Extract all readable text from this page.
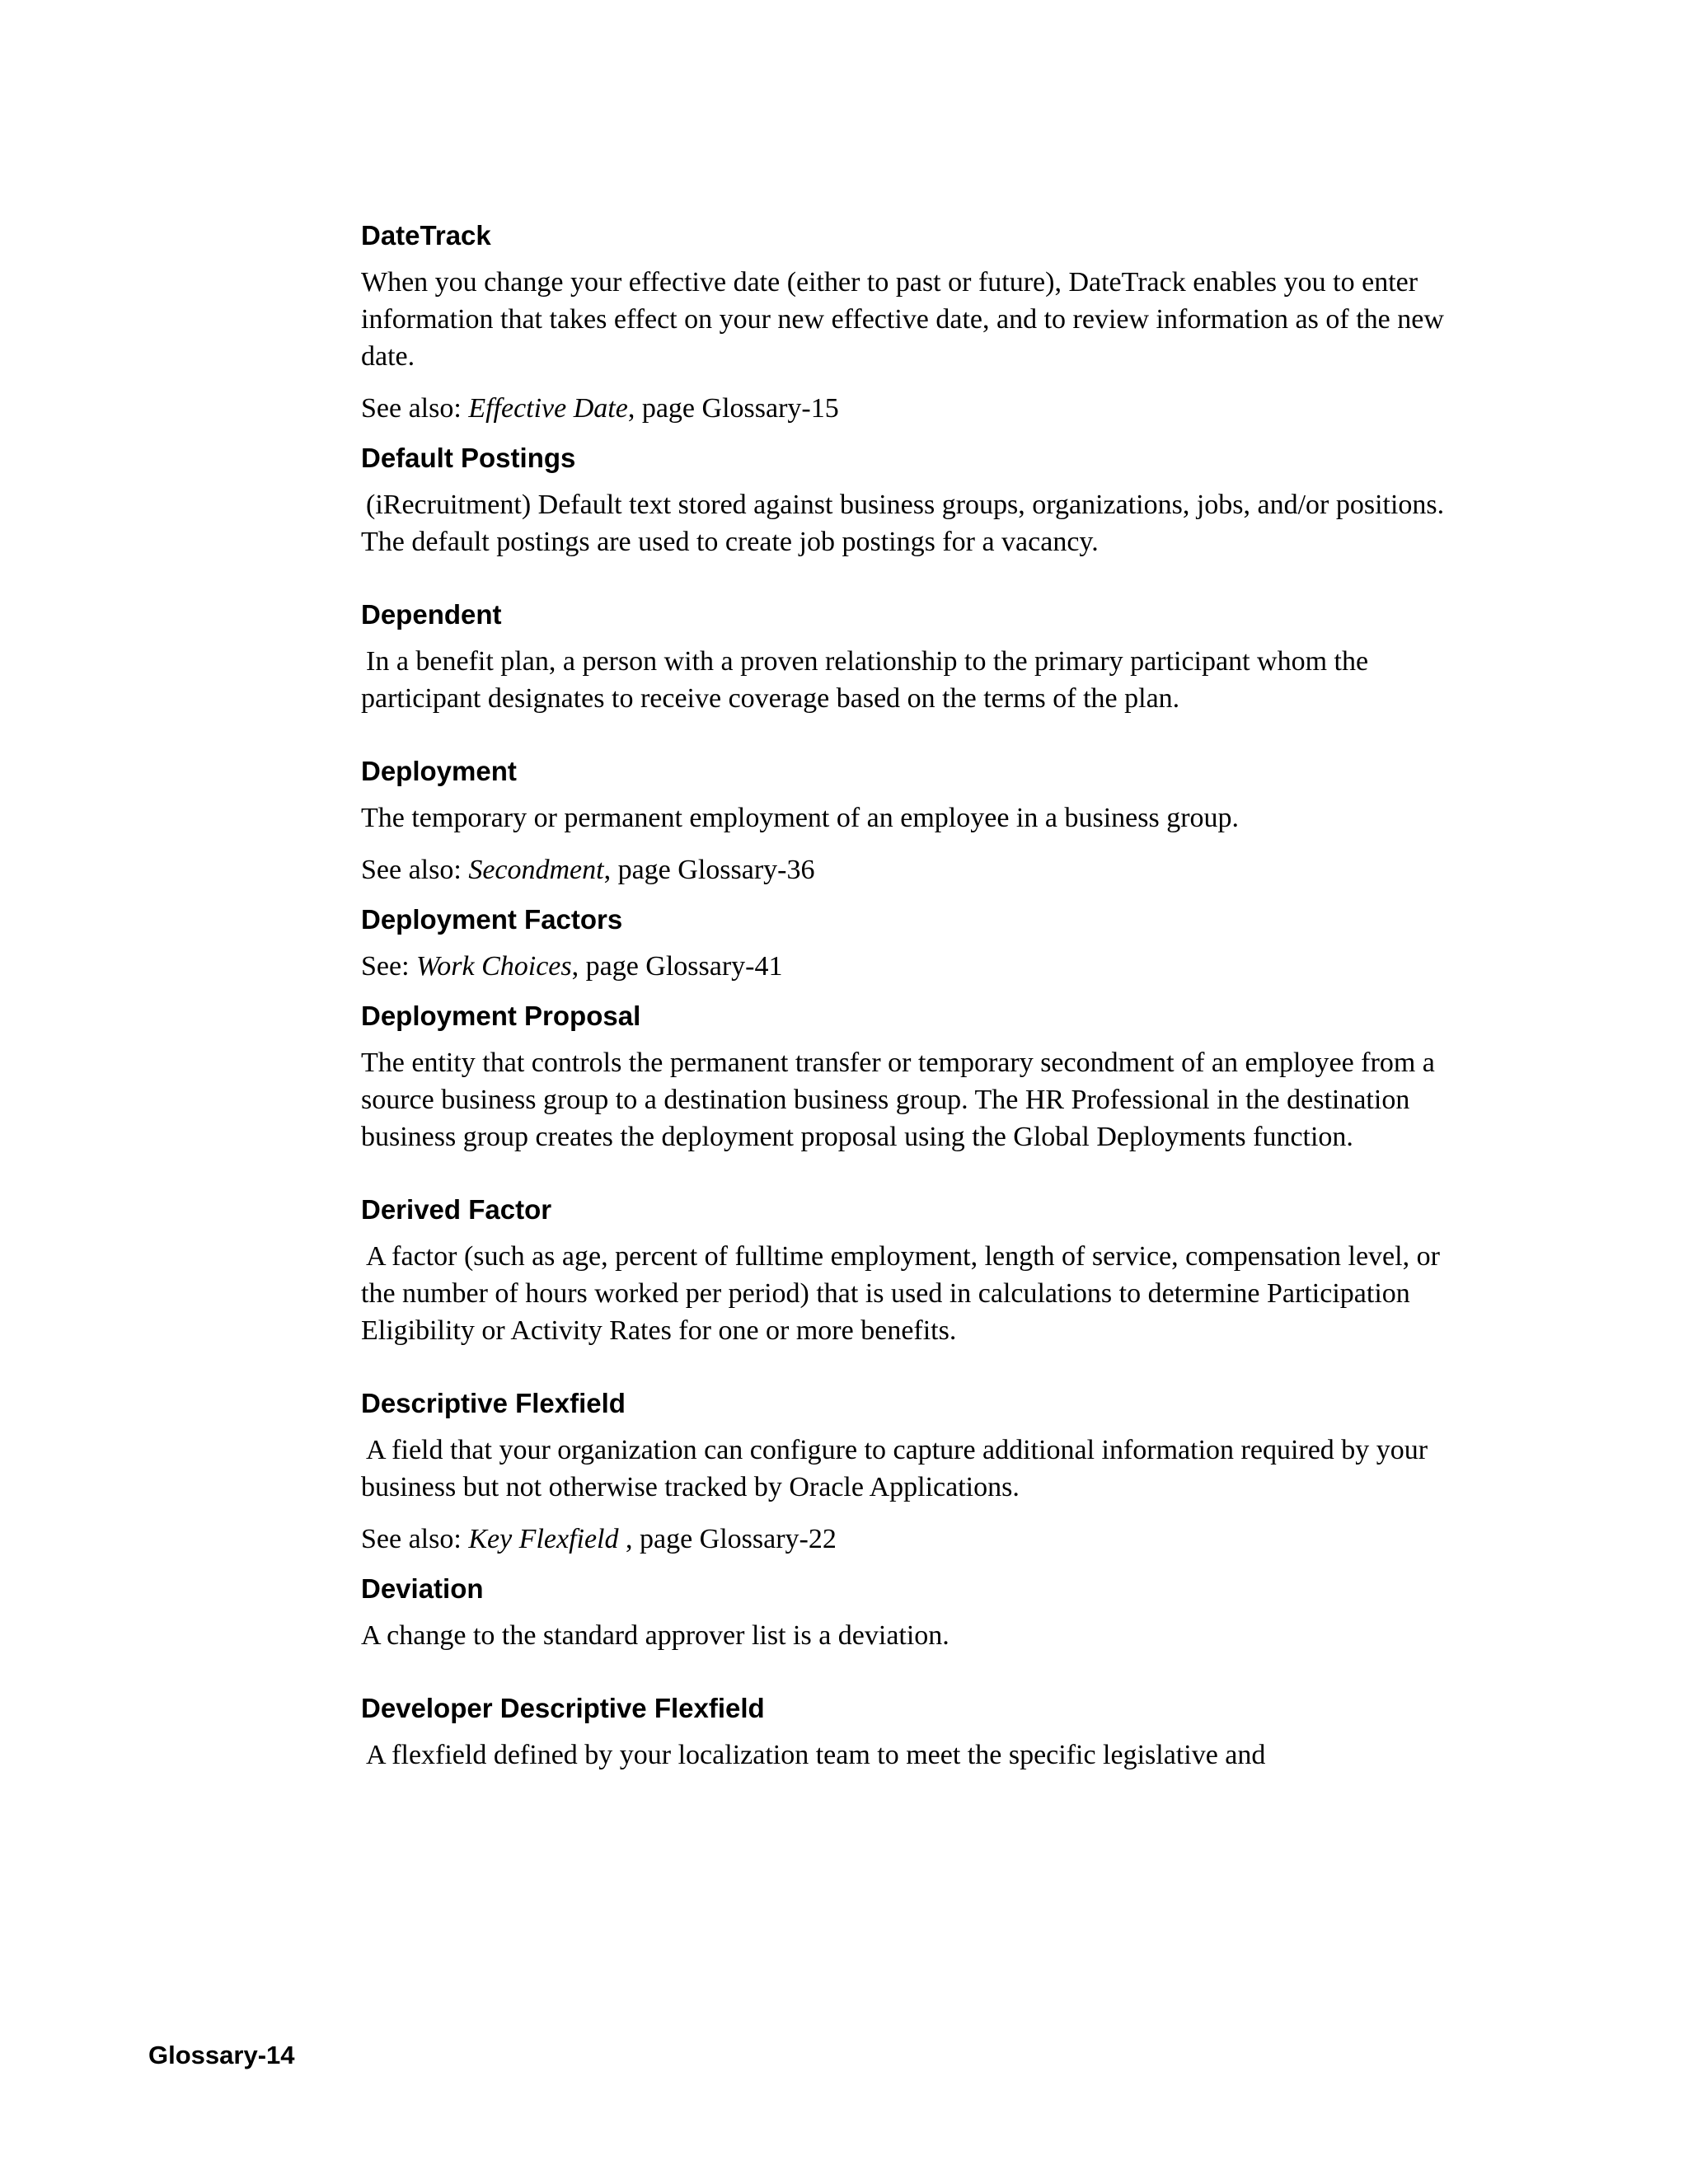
DateTrack
When you change your effective date (either to past or future), DateTrack enables you to enter information that takes effect on your new effective date, and to review information as of the new date.
See also: Effective Date, page Glossary-15
Default Postings
(iRecruitment) Default text stored against business groups, organizations, jobs, and/or positions. The default postings are used to create job postings for a vacancy.
Dependent
In a benefit plan, a person with a proven relationship to the primary participant whom the participant designates to receive coverage based on the terms of the plan.
Deployment
The temporary or permanent employment of an employee in a business group.
See also: Secondment, page Glossary-36
Deployment Factors
See: Work Choices, page Glossary-41
Deployment Proposal
The entity that controls the permanent transfer or temporary secondment of an employee from a source business group to a destination business group. The HR Professional in the destination business group creates the deployment proposal using the Global Deployments function.
Derived Factor
A factor (such as age, percent of fulltime employment, length of service, compensation level, or the number of hours worked per period) that is used in calculations to determine Participation Eligibility or Activity Rates for one or more benefits.
Descriptive Flexfield
A field that your organization can configure to capture additional information required by your business but not otherwise tracked by Oracle Applications.
See also: Key Flexfield , page Glossary-22
Deviation
A change to the standard approver list is a deviation.
Developer Descriptive Flexfield
A flexfield defined by your localization team to meet the specific legislative and
Glossary-14
